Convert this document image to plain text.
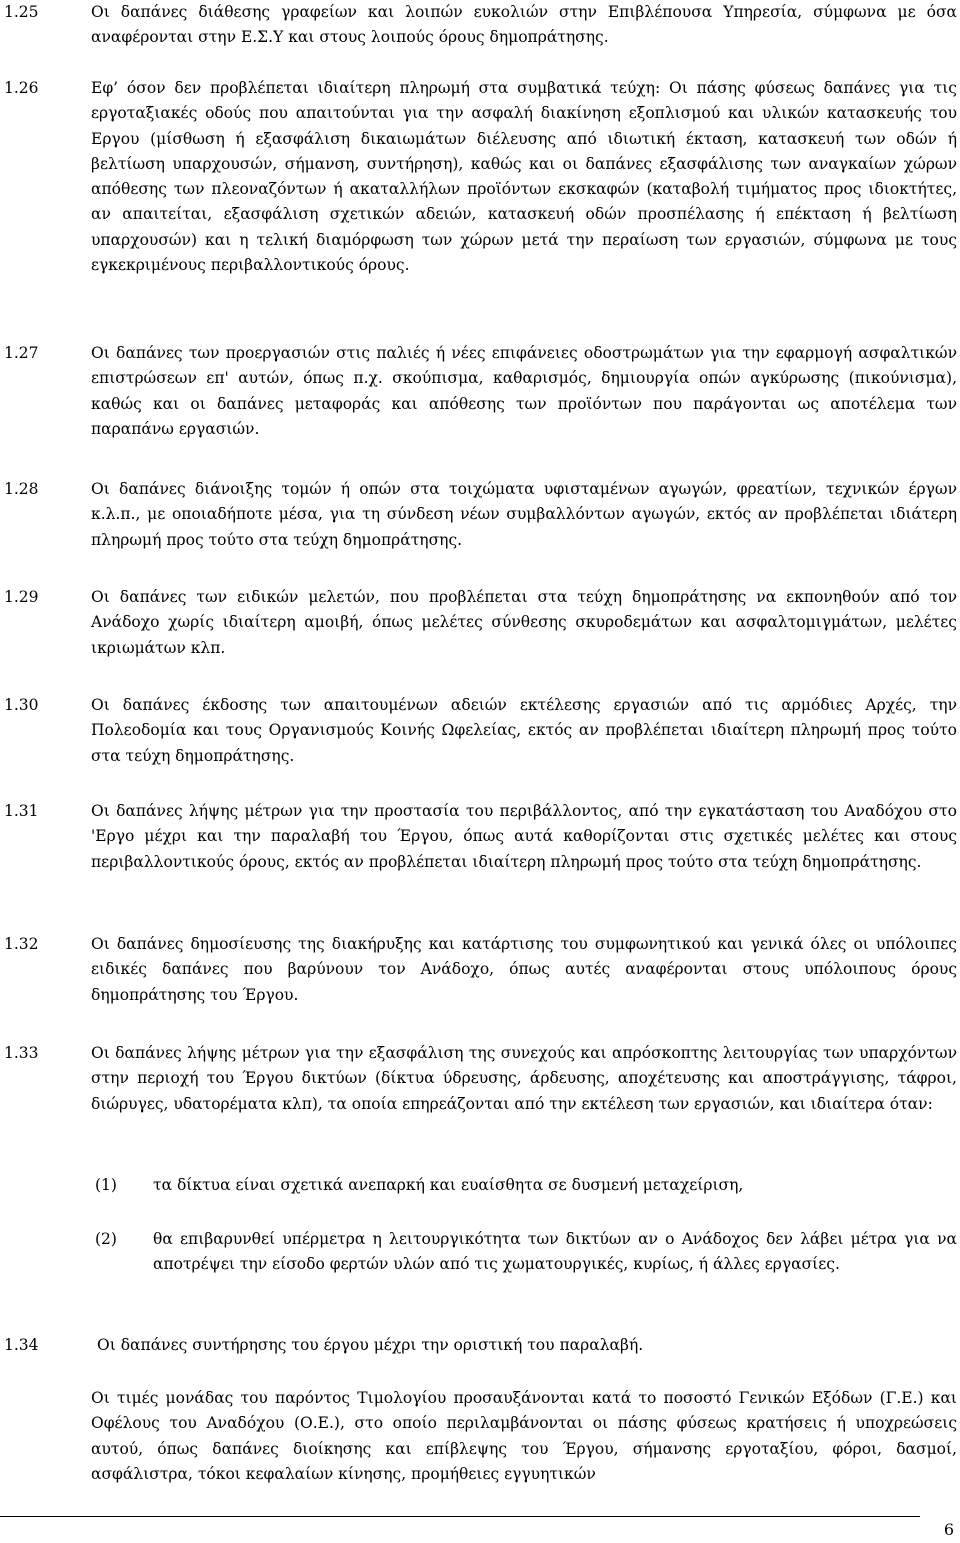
1.25	Οι δαπάνες διάθεσης γραφείων και λοιπών ευκολιών στην Επιβλέπουσα Υπηρεσία, σύμφωνα με όσα αναφέρονται στην Ε.Σ.Υ και στους λοιπούς όρους δημοπράτησης.
1.26	Εφ’ όσον δεν προβλέπεται ιδιαίτερη πληρωμή στα συμβατικά τεύχη: Οι πάσης φύσεως δαπάνες για τις εργοταξιακές οδούς που απαιτούνται για την ασφαλή διακίνηση εξοπλισμού και υλικών κατασκευής του Εργου (μίσθωση ή εξασφάλιση δικαιωμάτων διέλευσης από ιδιωτική έκταση, κατασκευή των οδών ή βελτίωση υπαρχουσών, σήμανση, συντήρηση), καθώς και οι δαπάνες εξασφάλισης των αναγκαίων χώρων απόθεσης των πλεοναζόντων ή ακαταλλήλων προϊόντων εκσκαφών (καταβολή τιμήματος προς ιδιοκτήτες, αν απαιτείται, εξασφάλιση σχετικών αδειών, κατασκευή οδών προσπέλασης ή επέκταση ή βελτίωση υπαρχουσών) και η τελική διαμόρφωση των χώρων μετά την περαίωση των εργασιών, σύμφωνα με τους εγκεκριμένους περιβαλλοντικούς όρους.
1.27	Οι δαπάνες των προεργασιών στις παλιές ή νέες επιφάνειες οδοστρωμάτων για την εφαρμογή ασφαλτικών επιστρώσεων επ' αυτών, όπως π.χ. σκούπισμα, καθαρισμός, δημιουργία οπών αγκύρωσης (πικούνισμα), καθώς και οι δαπάνες μεταφοράς και απόθεσης των προϊόντων που παράγονται ως αποτέλεμα των παραπάνω εργασιών.
1.28	Οι δαπάνες διάνοιξης τομών ή οπών στα τοιχώματα υφισταμένων αγωγών, φρεατίων, τεχνικών έργων κ.λ.π., με οποιαδήποτε μέσα, για τη σύνδεση νέων συμβαλλόντων αγωγών, εκτός αν προβλέπεται ιδιάτερη πληρωμή προς τούτο στα τεύχη δημοπράτησης.
1.29	Οι δαπάνες των ειδικών μελετών, που προβλέπεται στα τεύχη δημοπράτησης να εκπονηθούν από τον Ανάδοχο χωρίς ιδιαίτερη αμοιβή, όπως μελέτες σύνθεσης σκυροδεμάτων και ασφαλτομιγμάτων, μελέτες ικριωμάτων κλπ.
1.30	Οι δαπάνες έκδοσης των απαιτουμένων αδειών εκτέλεσης εργασιών από τις αρμόδιες Αρχές, την Πολεοδομία και τους Οργανισμούς Κοινής Ωφελείας, εκτός αν προβλέπεται ιδιαίτερη πληρωμή προς τούτο στα τεύχη δημοπράτησης.
1.31	Οι δαπάνες λήψης μέτρων για την προστασία του περιβάλλοντος, από την εγκατάσταση του Αναδόχου στο 'Εργο μέχρι και την παραλαβή του Έργου, όπως αυτά καθορίζονται στις σχετικές μελέτες και στους περιβαλλοντικούς όρους, εκτός αν προβλέπεται ιδιαίτερη πληρωμή προς τούτο στα τεύχη δημοπράτησης.
1.32	Οι δαπάνες δημοσίευσης της διακήρυξης και κατάρτισης του συμφωνητικού και γενικά όλες οι υπόλοιπες ειδικές δαπάνες που βαρύνουν τον Ανάδοχο, όπως αυτές αναφέρονται στους υπόλοιπους όρους δημοπράτησης του Έργου.
1.33	Οι δαπάνες λήψης μέτρων για την εξασφάλιση της συνεχούς και απρόσκοπτης λειτουργίας των υπαρχόντων στην περιοχή του Έργου δικτύων (δίκτυα ύδρευσης, άρδευσης, αποχέτευσης και αποστράγγισης, τάφροι, διώρυγες, υδατορέματα κλπ), τα οποία επηρεάζονται από την εκτέλεση των εργασιών, και ιδιαίτερα όταν:
(1) τα δίκτυα είναι σχετικά ανεπαρκή και ευαίσθητα σε δυσμενή μεταχείριση,
(2) θα επιβαρυνθεί υπέρμετρα η λειτουργικότητα των δικτύων αν ο Ανάδοχος δεν λάβει μέτρα για να αποτρέψει την είσοδο φερτών υλών από τις χωματουργικές, κυρίως, ή άλλες εργασίες.
1.34	Οι δαπάνες συντήρησης του έργου μέχρι την οριστική του παραλαβή.
Οι τιμές μονάδας του παρόντος Τιμολογίου προσαυξάνονται κατά το ποσοστό Γενικών Εξόδων (Γ.Ε.) και Οφέλους του Αναδόχου (Ο.Ε.), στο οποίο περιλαμβάνονται οι πάσης φύσεως κρατήσεις ή υποχρεώσεις αυτού, όπως δαπάνες διοίκησης και επίβλεψης του Έργου, σήμανσης εργοταξίου, φόροι, δασμοί, ασφάλιστρα, τόκοι κεφαλαίων κίνησης, προμήθειες εγγυητικών
6
